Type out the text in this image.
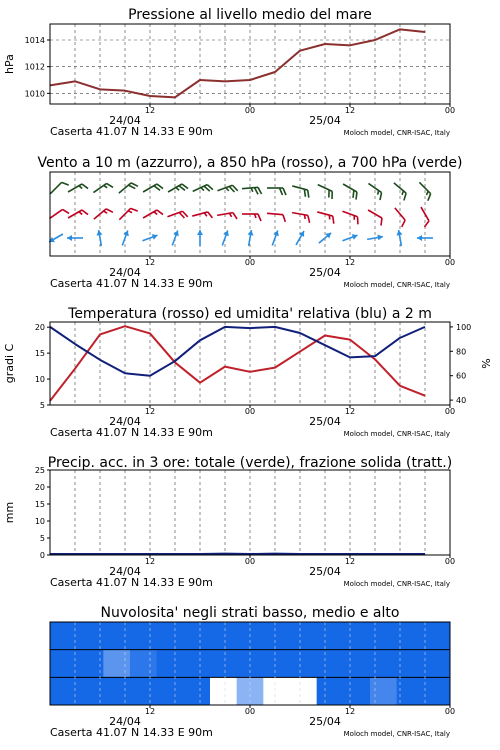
1010
1012
1014
12	00	12	00
24/04	25/04
Caserta 41.07 N 14.33 E 90m	Moloch model, CNR-ISAC, Italy
Pressione al livello medio del mare
hPa
12	00	12	00
24/04	25/04
Caserta 41.07 N 14.33 E 90m	Moloch model, CNR-ISAC, Italy
Vento a 10 m (azzurro), a 850 hPa (rosso), a 700 hPa (verde)
5
10
15
20
40
60
80
100
12	00	12	00
24/04	25/04
Caserta 41.07 N 14.33 E 90m	Moloch model, CNR-ISAC, Italy
Temperatura (rosso) ed umidita' relativa (blu) a 2 m
gradi C	%
0
5
10
15
20
25
12	00	12	00
24/04	25/04
Caserta 41.07 N 14.33 E 90m	Moloch model, CNR-ISAC, Italy
Precip. acc. in 3 ore: totale (verde), frazione solida (tratt.)
mm
12	00	12	00
24/04	25/04
Caserta 41.07 N 14.33 E 90m	Moloch model, CNR-ISAC, Italy
Nuvolosita' negli strati basso, medio e alto
